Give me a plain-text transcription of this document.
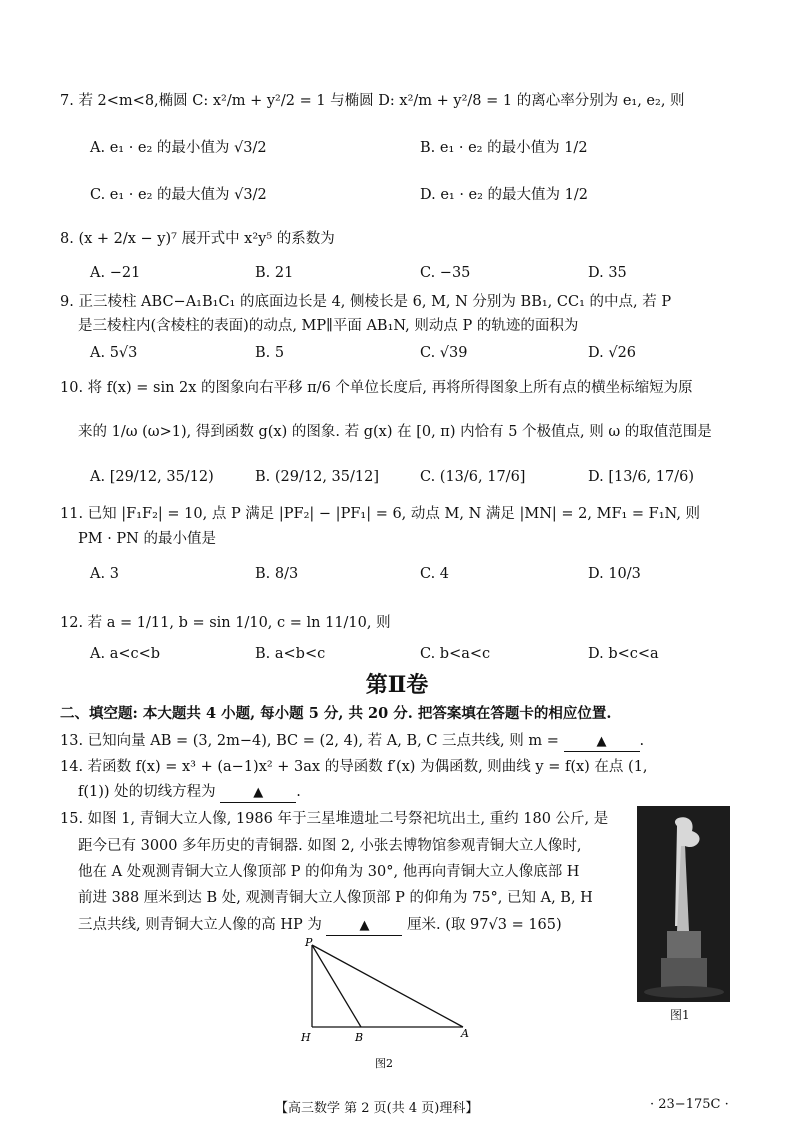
7. 若 2<m<8,椭圆 C: x²/m + y²/2 = 1 与椭圆 D: x²/m + y²/8 = 1 的离心率分别为 e₁, e₂, 则
A. e₁ · e₂ 的最小值为 √3/2	B. e₁ · e₂ 的最小值为 1/2
C. e₁ · e₂ 的最大值为 √3/2	D. e₁ · e₂ 的最大值为 1/2
8. (x + 2/x − y)⁷ 展开式中 x²y⁵ 的系数为
A. −21	B. 21	C. −35	D. 35
9. 正三棱柱 ABC−A₁B₁C₁ 的底面边长是 4, 侧棱长是 6, M, N 分别为 BB₁, CC₁ 的中点, 若 P
是三棱柱内(含棱柱的表面)的动点, MP∥平面 AB₁N, 则动点 P 的轨迹的面积为
A. 5√3	B. 5	C. √39	D. √26
10. 将 f(x) = sin 2x 的图象向右平移 π/6 个单位长度后, 再将所得图象上所有点的横坐标缩短为原
来的 1/ω (ω>1), 得到函数 g(x) 的图象. 若 g(x) 在 [0, π) 内恰有 5 个极值点, 则 ω 的取值范围是
A. [29/12, 35/12)	B. (29/12, 35/12]	C. (13/6, 17/6]	D. [13/6, 17/6)
11. 已知 |F₁F₂| = 10, 点 P 满足 |PF₂| − |PF₁| = 6, 动点 M, N 满足 |MN| = 2, MF₁ = F₁N, 则
PM · PN 的最小值是
A. 3	B. 8/3	C. 4	D. 10/3
12. 若 a = 1/11, b = sin 1/10, c = ln 11/10, 则
A. a<c<b	B. a<b<c	C. b<a<c	D. b<c<a
第Ⅱ卷
二、填空题: 本大题共 4 小题, 每小题 5 分, 共 20 分. 把答案填在答题卡的相应位置.
13. 已知向量 AB = (3, 2m−4), BC = (2, 4), 若 A, B, C 三点共线, 则 m =	▲ .
14. 若函数 f(x) = x³ + (a−1)x² + 3ax 的导函数 f′(x) 为偶函数, 则曲线 y = f(x) 在点 (1,
f(1)) 处的切线方程为	▲ .
15. 如图 1, 青铜大立人像, 1986 年于三星堆遗址二号祭祀坑出土, 重约 180 公斤, 是
距今已有 3000 多年历史的青铜器. 如图 2, 小张去博物馆参观青铜大立人像时,
他在 A 处观测青铜大立人像顶部 P 的仰角为 30°, 他再向青铜大立人像底部 H
前进 388 厘米到达 B 处, 观测青铜大立人像顶部 P 的仰角为 75°, 已知 A, B, H
三点共线, 则青铜大立人像的高 HP 为	▲	厘米. (取 97√3 = 165)
图1
P
H	B	A
图2
【高三数学 第 2 页(共 4 页)理科】	· 23−175C ·
